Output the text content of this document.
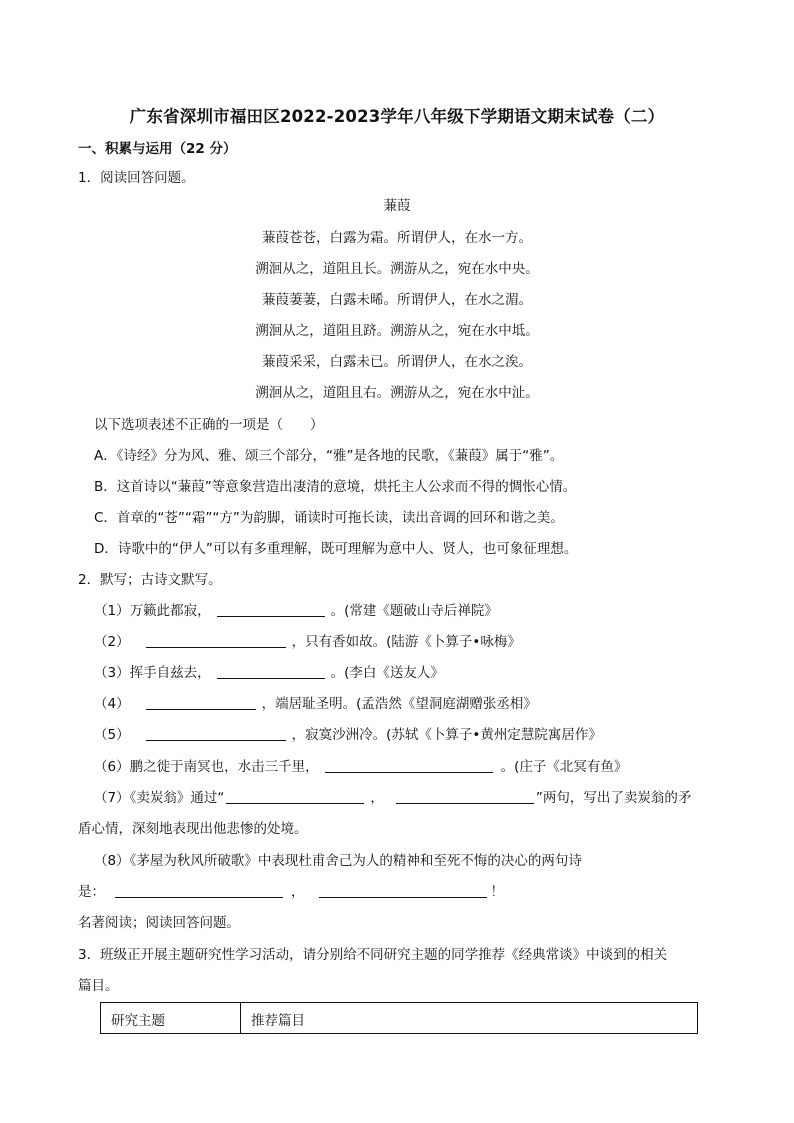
广东省深圳市福田区2022-2023学年八年级下学期语文期末试卷（二）
一、积累与运用（22 分）
1．阅读回答问题。
蒹葭
蒹葭苍苍，白露为霜。所谓伊人，在水一方。
溯洄从之，道阻且长。溯游从之，宛在水中央。
蒹葭萋萋，白露未晞。所谓伊人，在水之湄。
溯洄从之，道阻且跻。溯游从之，宛在水中坻。
蒹葭采采，白露未已。所谓伊人，在水之涘。
溯洄从之，道阻且右。溯游从之，宛在水中沚。
以下选项表述不正确的一项是（　　）
A．《诗经》分为风、雅、颂三个部分，“雅”是各地的民歌，《蒹葭》属于“雅”。
B．这首诗以“蒹葭”等意象营造出凄清的意境，烘托主人公求而不得的惆怅心情。
C．首章的“苍”“霜”“方”为韵脚，诵读时可拖长读，读出音调的回环和谐之美。
D．诗歌中的“伊人”可以有多重理解，既可理解为意中人、贤人，也可象征理想。
2．默写；古诗文默写。
（1）万籁此都寂，	。(常建《题破山寺后禅院》
（2）	，只有香如故。(陆游《卜算子•咏梅》
（3）挥手自兹去，	。(李白《送友人》
（4）	，端居耻圣明。(孟浩然《望洞庭湖赠张丞相》
（5）	，寂寞沙洲冷。(苏轼《卜算子•黄州定慧院寓居作》
（6）鹏之徙于南冥也，水击三千里，	。(庄子《北冥有鱼》
（7）《卖炭翁》通过“	，	”两句，写出了卖炭翁的矛
盾心情，深刻地表现出他悲惨的处境。
（8）《茅屋为秋风所破歌》中表现杜甫舍己为人的精神和至死不悔的决心的两句诗
是：	，	！
名著阅读；阅读回答问题。
3．班级正开展主题研究性学习活动，请分别给不同研究主题的同学推荐《经典常谈》中谈到的相关
篇目。
研究主题	推荐篇目
